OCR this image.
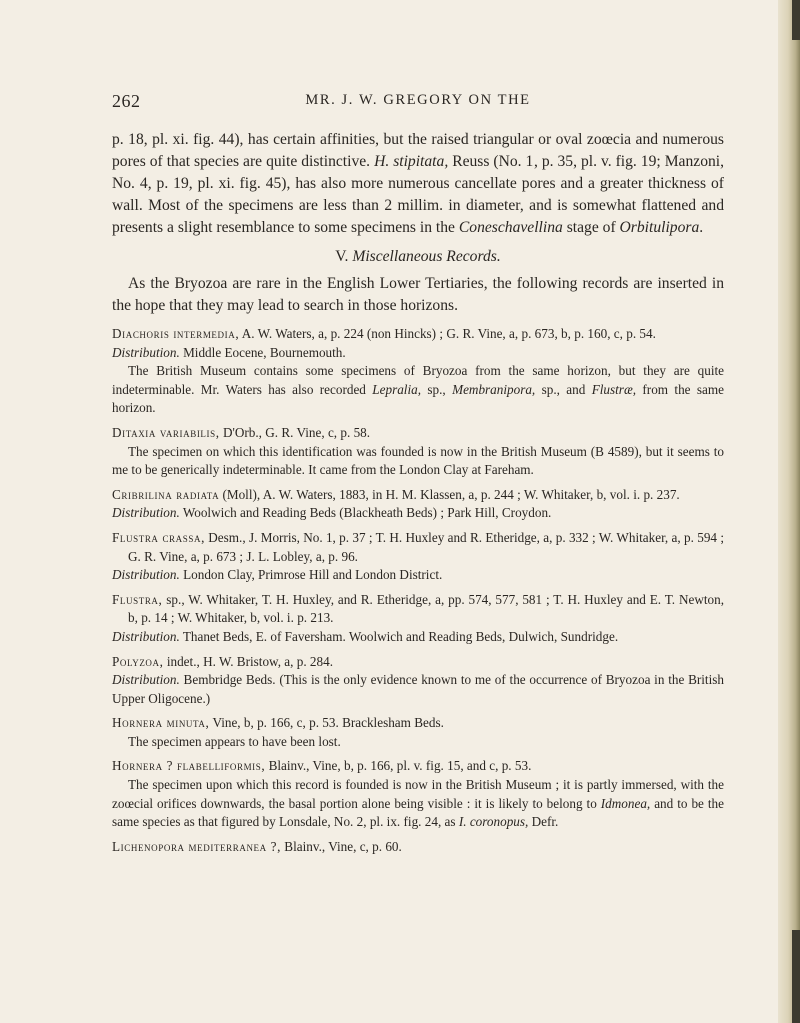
262	MR. J. W. GREGORY ON THE

p. 18, pl. xi. fig. 44), has certain affinities, but the raised triangular or oval zoœcia and numerous pores of that species are quite distinctive. H. stipitata, Reuss (No. 1, p. 35, pl. v. fig. 19; Manzoni, No. 4, p. 19, pl. xi. fig. 45), has also more numerous cancellate pores and a greater thickness of wall. Most of the specimens are less than 2 millim. in diameter, and is somewhat flattened and presents a slight resemblance to some specimens in the Coneschavellina stage of Orbitulipora.

V. Miscellaneous Records.

As the Bryozoa are rare in the English Lower Tertiaries, the following records are inserted in the hope that they may lead to search in those horizons.

Diachoris intermedia, A. W. Waters, a, p. 224 (non Hincks) ; G. R. Vine, a, p. 673, b, p. 160, c, p. 54.

Distribution. Middle Eocene, Bournemouth.

The British Museum contains some specimens of Bryozoa from the same horizon, but they are quite indeterminable. Mr. Waters has also recorded Lepralia, sp., Membranipora, sp., and Flustræ, from the same horizon.

Ditaxia variabilis, D'Orb., G. R. Vine, c, p. 58.

The specimen on which this identification was founded is now in the British Museum (B 4589), but it seems to me to be generically indeterminable. It came from the London Clay at Fareham.

Cribrilina radiata (Moll), A. W. Waters, 1883, in H. M. Klassen, a, p. 244 ; W. Whitaker, b, vol. i. p. 237.

Distribution. Woolwich and Reading Beds (Blackheath Beds) ; Park Hill, Croydon.

Flustra crassa, Desm., J. Morris, No. 1, p. 37 ; T. H. Huxley and R. Etheridge, a, p. 332 ; W. Whitaker, a, p. 594 ; G. R. Vine, a, p. 673 ; J. L. Lobley, a, p. 96.

Distribution. London Clay, Primrose Hill and London District.

Flustra, sp., W. Whitaker, T. H. Huxley, and R. Etheridge, a, pp. 574, 577, 581 ; T. H. Huxley and E. T. Newton, b, p. 14 ; W. Whitaker, b, vol. i. p. 213.

Distribution. Thanet Beds, E. of Faversham. Woolwich and Reading Beds, Dulwich, Sundridge.

Polyzoa, indet., H. W. Bristow, a, p. 284.

Distribution. Bembridge Beds. (This is the only evidence known to me of the occurrence of Bryozoa in the British Upper Oligocene.)

Hornera minuta, Vine, b, p. 166, c, p. 53. Bracklesham Beds.

The specimen appears to have been lost.

Hornera ? flabelliformis, Blainv., Vine, b, p. 166, pl. v. fig. 15, and c, p. 53.

The specimen upon which this record is founded is now in the British Museum ; it is partly immersed, with the zoœcial orifices downwards, the basal portion alone being visible : it is likely to belong to Idmonea, and to be the same species as that figured by Lonsdale, No. 2, pl. ix. fig. 24, as I. coronopus, Defr.

Lichenopora mediterranea ?, Blainv., Vine, c, p. 60.
